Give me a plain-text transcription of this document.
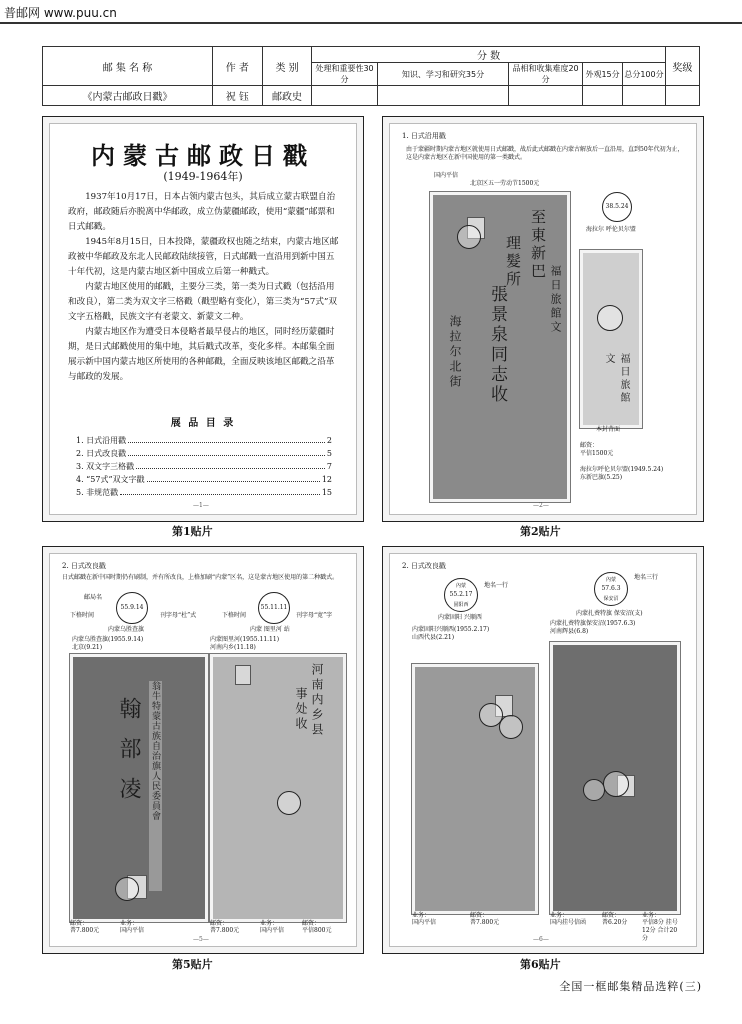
普邮网 www.puu.cn
邮 集 名 称	作 者	类 别	分 数					奖级
			处理和重要性30分	知识、学习和研究35分	品相和收集难度20分	外观15分	总分100分	
《内蒙古邮政日戳》	祝 钰	邮政史						
内蒙古邮政日戳
(1949-1964年)

1937年10月17日，日本占领内蒙古包头，其后成立蒙古联盟自治政府，邮政随后亦脱离中华邮政，成立伪蒙疆邮政，使用“蒙疆”邮票和日式邮戳。

1945年8月15日，日本投降，蒙疆政权也随之结束，内蒙古地区邮政被中华邮政及东北人民邮政陆续接管，日式邮戳一直沿用到新中国五十年代初，这是内蒙古地区新中国成立后第一种戳式。

内蒙古地区使用的邮戳，主要分三类，第一类为日式戳（包括沿用和改良），第二类为双文字三格戳（戳型略有变化），第三类为“57式”双文字五格戳，民族文字有老蒙文、新蒙文二种。

内蒙古地区作为遭受日本侵略者最早侵占的地区，同时经历蒙疆时期，是日式邮戳使用的集中地，其后戳式改革，变化多样。本邮集全面展示新中国内蒙古地区所使用的各种邮戳，全面反映该地区邮戳之沿革与邮政的发展。

展 品 目 录
1. 日式沿用戳	2
2. 日式改良戳	5
3. 双文字三格戳	7
4. “57式”双文字戳	12
5. 非规范戳	15
—1—
第1贴片
1. 日式沿用戳
由于蒙疆时期内蒙古地区就使用日式邮戳，战后此式邮戳在内蒙古解放后一直沿用，直到50年代初为止，这是内蒙古地区在新中国使用的第一类戳式。
国内平信
北京区五一劳动节1500元
至東新巴
理髮所
張景泉同志收
海拉尔北街
福日旅館文
38.5.24
海拉尔 呼伦贝尔盟
福日旅館文
本封背面
邮资：
平信1500元
海拉尔呼伦贝尔盟(1949.5.24)
东新巴旗(5.25)
—2—
第2贴片
2. 日式改良戳
日式邮戳在新中国时期仍有刷制，并有所改良，上格加刷“内蒙”区名，这是蒙古地区使用的第二种戳式。
邮局名
下格时间	刊字母“杜”式	下格时间	刊字母“宽”字
55.9.14	55.11.11
内蒙乌胜查旗	内蒙 图里河 站
内蒙乌胜查旗(1955.9.14)
北京(9.21)
内蒙图里河(1955.11.11)
河南内乡(11.18)
翰部凌	翁牛特蒙古族自治旗人民委員會	河南内乡县
事处收
邮资：
普7.800元
业务：
国内平信
邮资：
普7.800元
业务：
国内平信
邮资：
平信800元
—5—
第5贴片
2. 日式改良戳
內蒙
55.2.17
固阳西
內蒙
57.6.3
保安沼
地名一行
地名三行
内蒙固阳 兴顺西
内蒙扎赉特旗 保安沼(支)
内蒙固阳兴顺西(1955.2.17)
山西代县(2.21)
内蒙扎赉特旗保安沼(1957.6.3)
河南辉县(6.8)
业务：
国内平信
邮资：
普7.800元
业务：
国内挂号信函
邮资：
普6.20分
业务：
平信8分 挂号12分 合计20分
—6—
第6贴片
全国一框邮集精品选粹(三)
